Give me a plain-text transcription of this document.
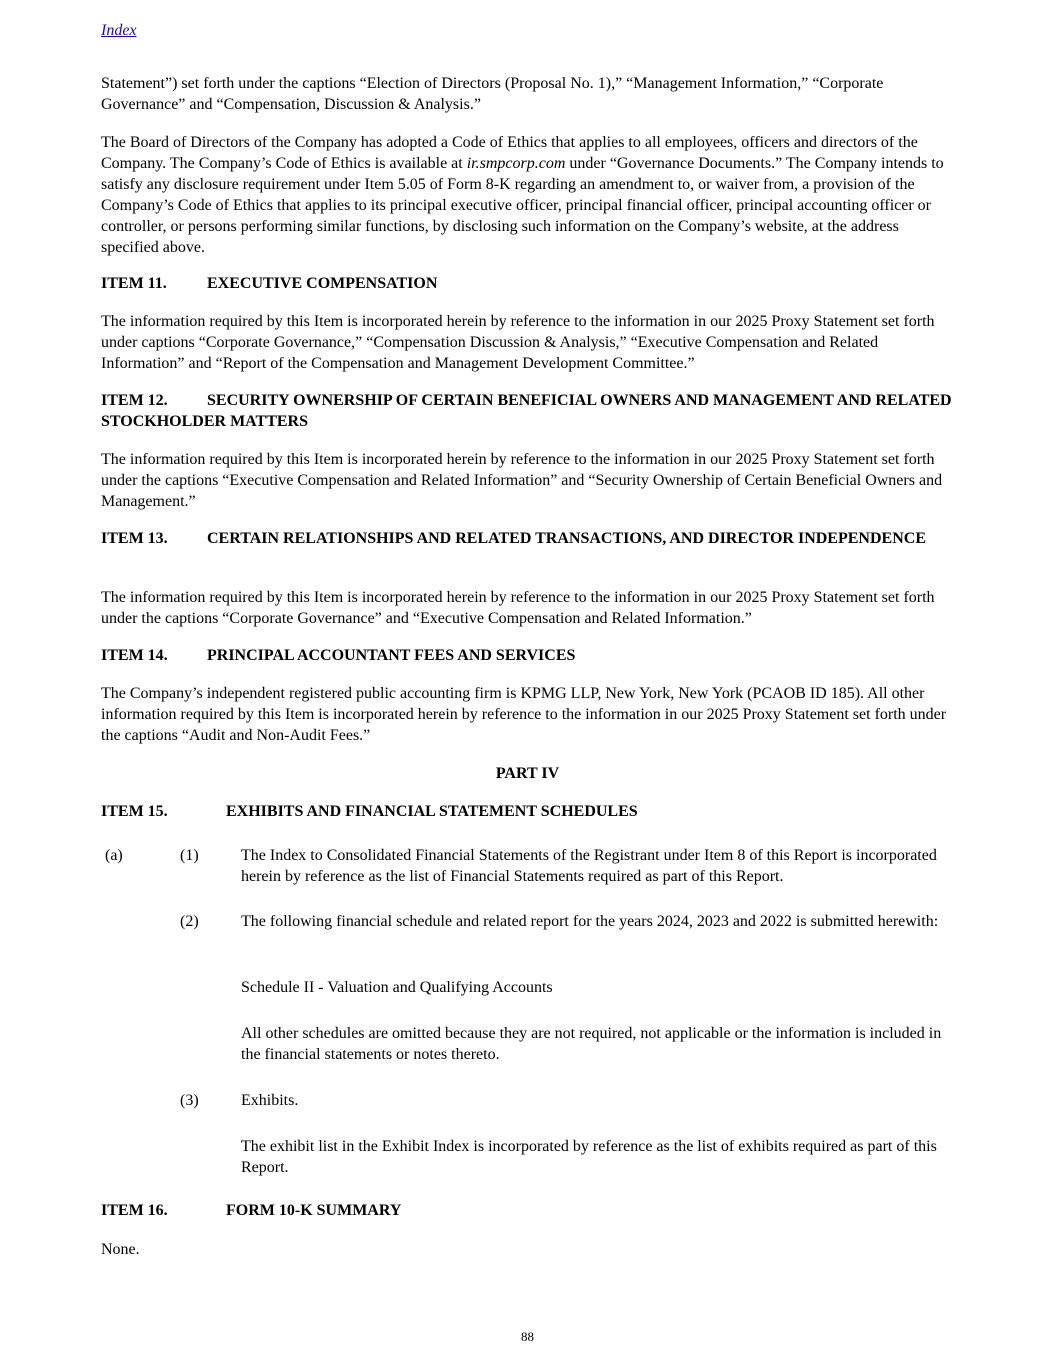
Index

Statement”) set forth under the captions “Election of Directors (Proposal No. 1),” “Management Information,” “Corporate Governance” and “Compensation, Discussion & Analysis.”

The Board of Directors of the Company has adopted a Code of Ethics that applies to all employees, officers and directors of the Company. The Company’s Code of Ethics is available at ir.smpcorp.com under “Governance Documents.” The Company intends to satisfy any disclosure requirement under Item 5.05 of Form 8-K regarding an amendment to, or waiver from, a provision of the Company’s Code of Ethics that applies to its principal executive officer, principal financial officer, principal accounting officer or controller, or persons performing similar functions, by disclosing such information on the Company’s website, at the address specified above.

ITEM 11.	EXECUTIVE COMPENSATION

The information required by this Item is incorporated herein by reference to the information in our 2025 Proxy Statement set forth under captions “Corporate Governance,” “Compensation Discussion & Analysis,” “Executive Compensation and Related Information” and “Report of the Compensation and Management Development Committee.”

ITEM 12. SECURITY OWNERSHIP OF CERTAIN BENEFICIAL OWNERS AND MANAGEMENT AND RELATED STOCKHOLDER MATTERS

The information required by this Item is incorporated herein by reference to the information in our 2025 Proxy Statement set forth under the captions “Executive Compensation and Related Information” and “Security Ownership of Certain Beneficial Owners and Management.”

ITEM 13. CERTAIN RELATIONSHIPS AND RELATED TRANSACTIONS, AND DIRECTOR INDEPENDENCE

The information required by this Item is incorporated herein by reference to the information in our 2025 Proxy Statement set forth under the captions “Corporate Governance” and “Executive Compensation and Related Information.”

ITEM 14. PRINCIPAL ACCOUNTANT FEES AND SERVICES

The Company’s independent registered public accounting firm is KPMG LLP, New York, New York (PCAOB ID 185). All other information required by this Item is incorporated herein by reference to the information in our 2025 Proxy Statement set forth under the captions “Audit and Non-Audit Fees.”

PART IV
ITEM 15.	EXHIBITS AND FINANCIAL STATEMENT SCHEDULES
(a)	(1)	The Index to Consolidated Financial Statements of the Registrant under Item 8 of this Report is incorporated herein by reference as the list of Financial Statements required as part of this Report.

(2)	The following financial schedule and related report for the years 2024, 2023 and 2022 is submitted herewith:

Schedule II - Valuation and Qualifying Accounts

All other schedules are omitted because they are not required, not applicable or the information is included in the financial statements or notes thereto.

(3)	Exhibits.

The exhibit list in the Exhibit Index is incorporated by reference as the list of exhibits required as part of this Report.

ITEM 16.	FORM 10-K SUMMARY

None.

88
